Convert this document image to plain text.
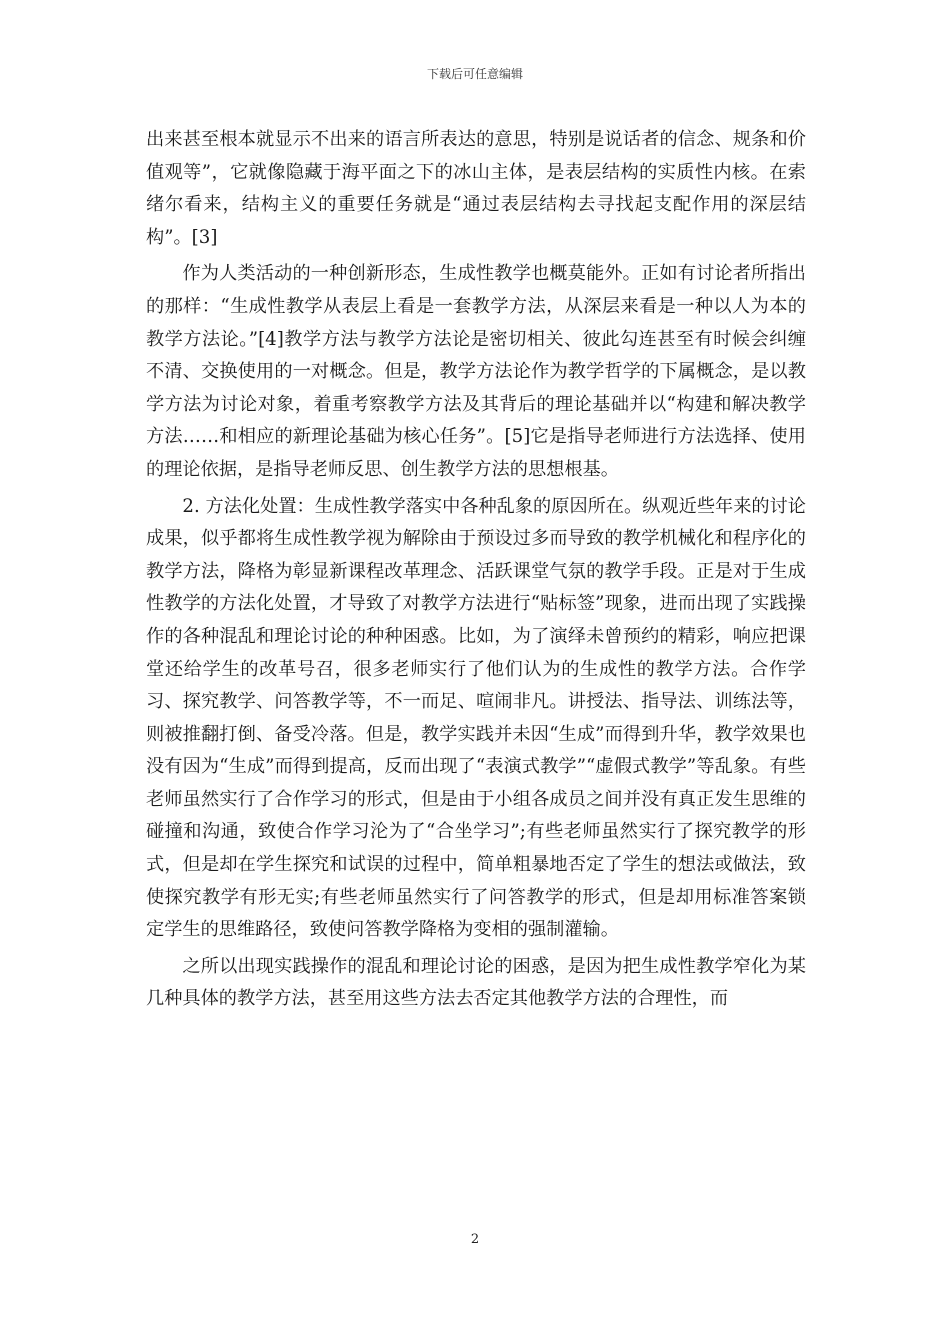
下载后可任意编辑

出来甚至根本就显示不出来的语言所表达的意思，特别是说话者的信念、规条和价值观等”，它就像隐藏于海平面之下的冰山主体，是表层结构的实质性内核。在索绪尔看来，结构主义的重要任务就是“通过表层结构去寻找起支配作用的深层结构”。[3]

作为人类活动的一种创新形态，生成性教学也概莫能外。正如有讨论者所指出的那样：“生成性教学从表层上看是一套教学方法，从深层来看是一种以人为本的教学方法论。”[4]教学方法与教学方法论是密切相关、彼此勾连甚至有时候会纠缠不清、交换使用的一对概念。但是，教学方法论作为教学哲学的下属概念，是以教学方法为讨论对象，着重考察教学方法及其背后的理论基础并以“构建和解决教学方法……和相应的新理论基础为核心任务”。[5]它是指导老师进行方法选择、使用的理论依据，是指导老师反思、创生教学方法的思想根基。

2. 方法化处置：生成性教学落实中各种乱象的原因所在。纵观近些年来的讨论成果，似乎都将生成性教学视为解除由于预设过多而导致的教学机械化和程序化的教学方法，降格为彰显新课程改革理念、活跃课堂气氛的教学手段。正是对于生成性教学的方法化处置，才导致了对教学方法进行“贴标签”现象，进而出现了实践操作的各种混乱和理论讨论的种种困惑。比如，为了演绎未曾预约的精彩，响应把课堂还给学生的改革号召，很多老师实行了他们认为的生成性的教学方法。合作学习、探究教学、问答教学等，不一而足、喧闹非凡。讲授法、指导法、训练法等，则被推翻打倒、备受冷落。但是，教学实践并未因“生成”而得到升华，教学效果也没有因为“生成”而得到提高，反而出现了“表演式教学”“虚假式教学”等乱象。有些老师虽然实行了合作学习的形式，但是由于小组各成员之间并没有真正发生思维的碰撞和沟通，致使合作学习沦为了“合坐学习”;有些老师虽然实行了探究教学的形式，但是却在学生探究和试误的过程中，简单粗暴地否定了学生的想法或做法，致使探究教学有形无实;有些老师虽然实行了问答教学的形式，但是却用标准答案锁定学生的思维路径，致使问答教学降格为变相的强制灌输。

之所以出现实践操作的混乱和理论讨论的困惑，是因为把生成性教学窄化为某几种具体的教学方法，甚至用这些方法去否定其他教学方法的合理性，而

2
